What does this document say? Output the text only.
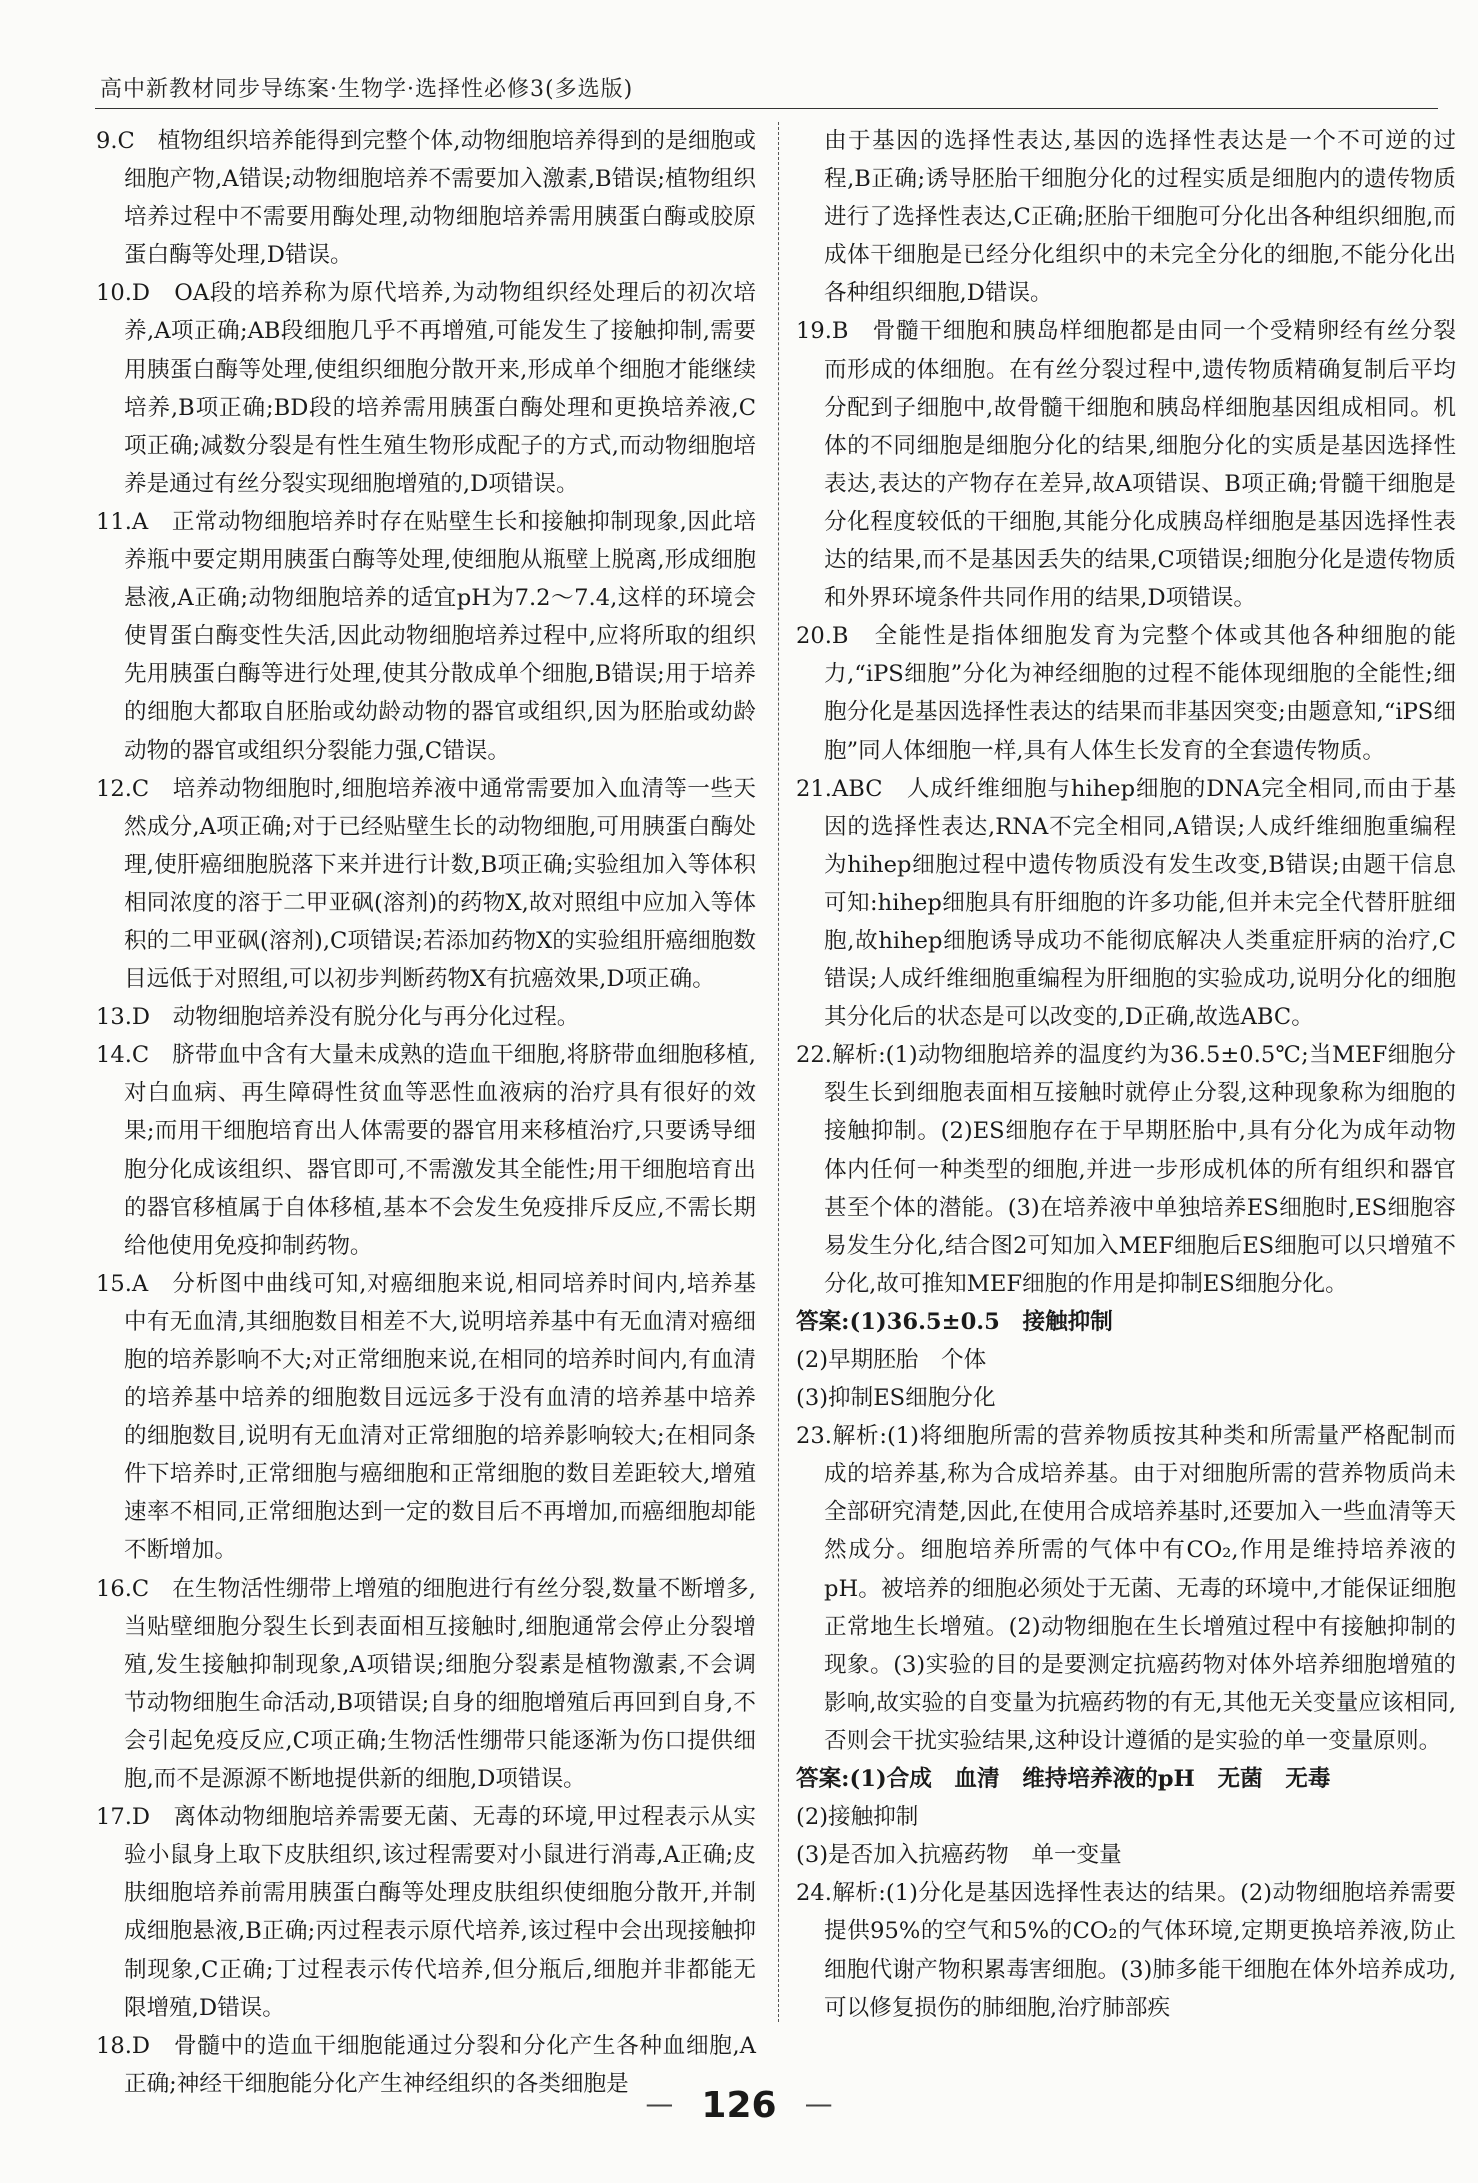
高中新教材同步导练案·生物学·选择性必修3(多选版)

9.C　植物组织培养能得到完整个体,动物细胞培养得到的是细胞或细胞产物,A错误;动物细胞培养不需要加入激素,B错误;植物组织培养过程中不需要用酶处理,动物细胞培养需用胰蛋白酶或胶原蛋白酶等处理,D错误。

10.D　OA段的培养称为原代培养,为动物组织经处理后的初次培养,A项正确;AB段细胞几乎不再增殖,可能发生了接触抑制,需要用胰蛋白酶等处理,使组织细胞分散开来,形成单个细胞才能继续培养,B项正确;BD段的培养需用胰蛋白酶处理和更换培养液,C项正确;减数分裂是有性生殖生物形成配子的方式,而动物细胞培养是通过有丝分裂实现细胞增殖的,D项错误。

11.A　正常动物细胞培养时存在贴壁生长和接触抑制现象,因此培养瓶中要定期用胰蛋白酶等处理,使细胞从瓶壁上脱离,形成细胞悬液,A正确;动物细胞培养的适宜pH为7.2～7.4,这样的环境会使胃蛋白酶变性失活,因此动物细胞培养过程中,应将所取的组织先用胰蛋白酶等进行处理,使其分散成单个细胞,B错误;用于培养的细胞大都取自胚胎或幼龄动物的器官或组织,因为胚胎或幼龄动物的器官或组织分裂能力强,C错误。

12.C　培养动物细胞时,细胞培养液中通常需要加入血清等一些天然成分,A项正确;对于已经贴壁生长的动物细胞,可用胰蛋白酶处理,使肝癌细胞脱落下来并进行计数,B项正确;实验组加入等体积相同浓度的溶于二甲亚砜(溶剂)的药物X,故对照组中应加入等体积的二甲亚砜(溶剂),C项错误;若添加药物X的实验组肝癌细胞数目远低于对照组,可以初步判断药物X有抗癌效果,D项正确。

13.D　动物细胞培养没有脱分化与再分化过程。

14.C　脐带血中含有大量未成熟的造血干细胞,将脐带血细胞移植,对白血病、再生障碍性贫血等恶性血液病的治疗具有很好的效果;而用干细胞培育出人体需要的器官用来移植治疗,只要诱导细胞分化成该组织、器官即可,不需激发其全能性;用干细胞培育出的器官移植属于自体移植,基本不会发生免疫排斥反应,不需长期给他使用免疫抑制药物。

15.A　分析图中曲线可知,对癌细胞来说,相同培养时间内,培养基中有无血清,其细胞数目相差不大,说明培养基中有无血清对癌细胞的培养影响不大;对正常细胞来说,在相同的培养时间内,有血清的培养基中培养的细胞数目远远多于没有血清的培养基中培养的细胞数目,说明有无血清对正常细胞的培养影响较大;在相同条件下培养时,正常细胞与癌细胞和正常细胞的数目差距较大,增殖速率不相同,正常细胞达到一定的数目后不再增加,而癌细胞却能不断增加。

16.C　在生物活性绷带上增殖的细胞进行有丝分裂,数量不断增多,当贴壁细胞分裂生长到表面相互接触时,细胞通常会停止分裂增殖,发生接触抑制现象,A项错误;细胞分裂素是植物激素,不会调节动物细胞生命活动,B项错误;自身的细胞增殖后再回到自身,不会引起免疫反应,C项正确;生物活性绷带只能逐渐为伤口提供细胞,而不是源源不断地提供新的细胞,D项错误。

17.D　离体动物细胞培养需要无菌、无毒的环境,甲过程表示从实验小鼠身上取下皮肤组织,该过程需要对小鼠进行消毒,A正确;皮肤细胞培养前需用胰蛋白酶等处理皮肤组织使细胞分散开,并制成细胞悬液,B正确;丙过程表示原代培养,该过程中会出现接触抑制现象,C正确;丁过程表示传代培养,但分瓶后,细胞并非都能无限增殖,D错误。

18.D　骨髓中的造血干细胞能通过分裂和分化产生各种血细胞,A正确;神经干细胞能分化产生神经组织的各类细胞是

由于基因的选择性表达,基因的选择性表达是一个不可逆的过程,B正确;诱导胚胎干细胞分化的过程实质是细胞内的遗传物质进行了选择性表达,C正确;胚胎干细胞可分化出各种组织细胞,而成体干细胞是已经分化组织中的未完全分化的细胞,不能分化出各种组织细胞,D错误。

19.B　骨髓干细胞和胰岛样细胞都是由同一个受精卵经有丝分裂而形成的体细胞。在有丝分裂过程中,遗传物质精确复制后平均分配到子细胞中,故骨髓干细胞和胰岛样细胞基因组成相同。机体的不同细胞是细胞分化的结果,细胞分化的实质是基因选择性表达,表达的产物存在差异,故A项错误、B项正确;骨髓干细胞是分化程度较低的干细胞,其能分化成胰岛样细胞是基因选择性表达的结果,而不是基因丢失的结果,C项错误;细胞分化是遗传物质和外界环境条件共同作用的结果,D项错误。

20.B　全能性是指体细胞发育为完整个体或其他各种细胞的能力,“iPS细胞”分化为神经细胞的过程不能体现细胞的全能性;细胞分化是基因选择性表达的结果而非基因突变;由题意知,“iPS细胞”同人体细胞一样,具有人体生长发育的全套遗传物质。

21.ABC　人成纤维细胞与hihep细胞的DNA完全相同,而由于基因的选择性表达,RNA不完全相同,A错误;人成纤维细胞重编程为hihep细胞过程中遗传物质没有发生改变,B错误;由题干信息可知:hihep细胞具有肝细胞的许多功能,但并未完全代替肝脏细胞,故hihep细胞诱导成功不能彻底解决人类重症肝病的治疗,C错误;人成纤维细胞重编程为肝细胞的实验成功,说明分化的细胞其分化后的状态是可以改变的,D正确,故选ABC。

22.解析:(1)动物细胞培养的温度约为36.5±0.5℃;当MEF细胞分裂生长到细胞表面相互接触时就停止分裂,这种现象称为细胞的接触抑制。(2)ES细胞存在于早期胚胎中,具有分化为成年动物体内任何一种类型的细胞,并进一步形成机体的所有组织和器官甚至个体的潜能。(3)在培养液中单独培养ES细胞时,ES细胞容易发生分化,结合图2可知加入MEF细胞后ES细胞可以只增殖不分化,故可推知MEF细胞的作用是抑制ES细胞分化。

答案:(1)36.5±0.5　接触抑制

(2)早期胚胎　个体

(3)抑制ES细胞分化

23.解析:(1)将细胞所需的营养物质按其种类和所需量严格配制而成的培养基,称为合成培养基。由于对细胞所需的营养物质尚未全部研究清楚,因此,在使用合成培养基时,还要加入一些血清等天然成分。细胞培养所需的气体中有CO₂,作用是维持培养液的pH。被培养的细胞必须处于无菌、无毒的环境中,才能保证细胞正常地生长增殖。(2)动物细胞在生长增殖过程中有接触抑制的现象。(3)实验的目的是要测定抗癌药物对体外培养细胞增殖的影响,故实验的自变量为抗癌药物的有无,其他无关变量应该相同,否则会干扰实验结果,这种设计遵循的是实验的单一变量原则。

答案:(1)合成　血清　维持培养液的pH　无菌　无毒

(2)接触抑制

(3)是否加入抗癌药物　单一变量

24.解析:(1)分化是基因选择性表达的结果。(2)动物细胞培养需要提供95%的空气和5%的CO₂的气体环境,定期更换培养液,防止细胞代谢产物积累毒害细胞。(3)肺多能干细胞在体外培养成功,可以修复损伤的肺细胞,治疗肺部疾

— 126 —
